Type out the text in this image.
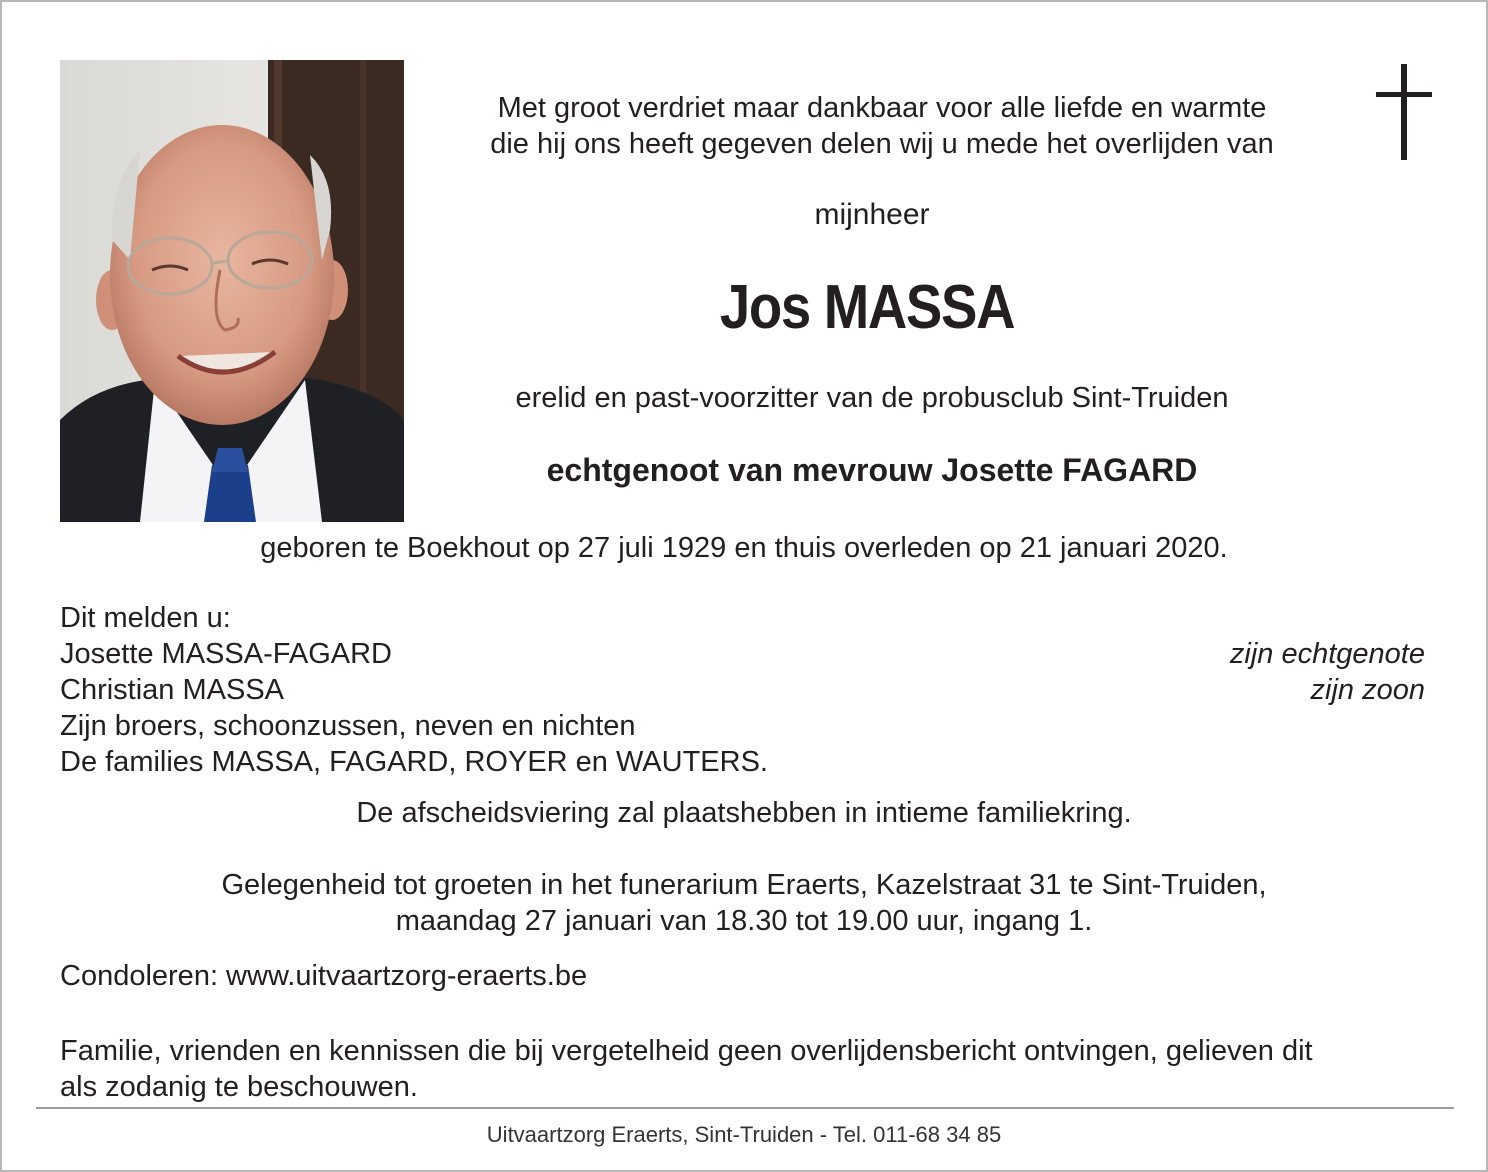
Met groot verdriet maar dankbaar voor alle liefde en warmte
die hij ons heeft gegeven delen wij u mede het overlijden van
mijnheer
Jos MASSA
erelid en past-voorzitter van de probusclub Sint-Truiden
echtgenoot van mevrouw Josette FAGARD
geboren te Boekhout op 27 juli 1929 en thuis overleden op 21 januari 2020.
Dit melden u:
Josette MASSA-FAGARD	zijn echtgenote
Christian MASSA	zijn zoon
Zijn broers, schoonzussen, neven en nichten
De families MASSA, FAGARD, ROYER en WAUTERS.
De afscheidsviering zal plaatshebben in intieme familiekring.
Gelegenheid tot groeten in het funerarium Eraerts, Kazelstraat 31 te Sint-Truiden,
maandag 27 januari van 18.30 tot 19.00 uur, ingang 1.
Condoleren: www.uitvaartzorg-eraerts.be
Familie, vrienden en kennissen die bij vergetelheid geen overlijdensbericht ontvingen, gelieven dit
als zodanig te beschouwen.
Uitvaartzorg Eraerts, Sint-Truiden - Tel. 011-68 34 85
